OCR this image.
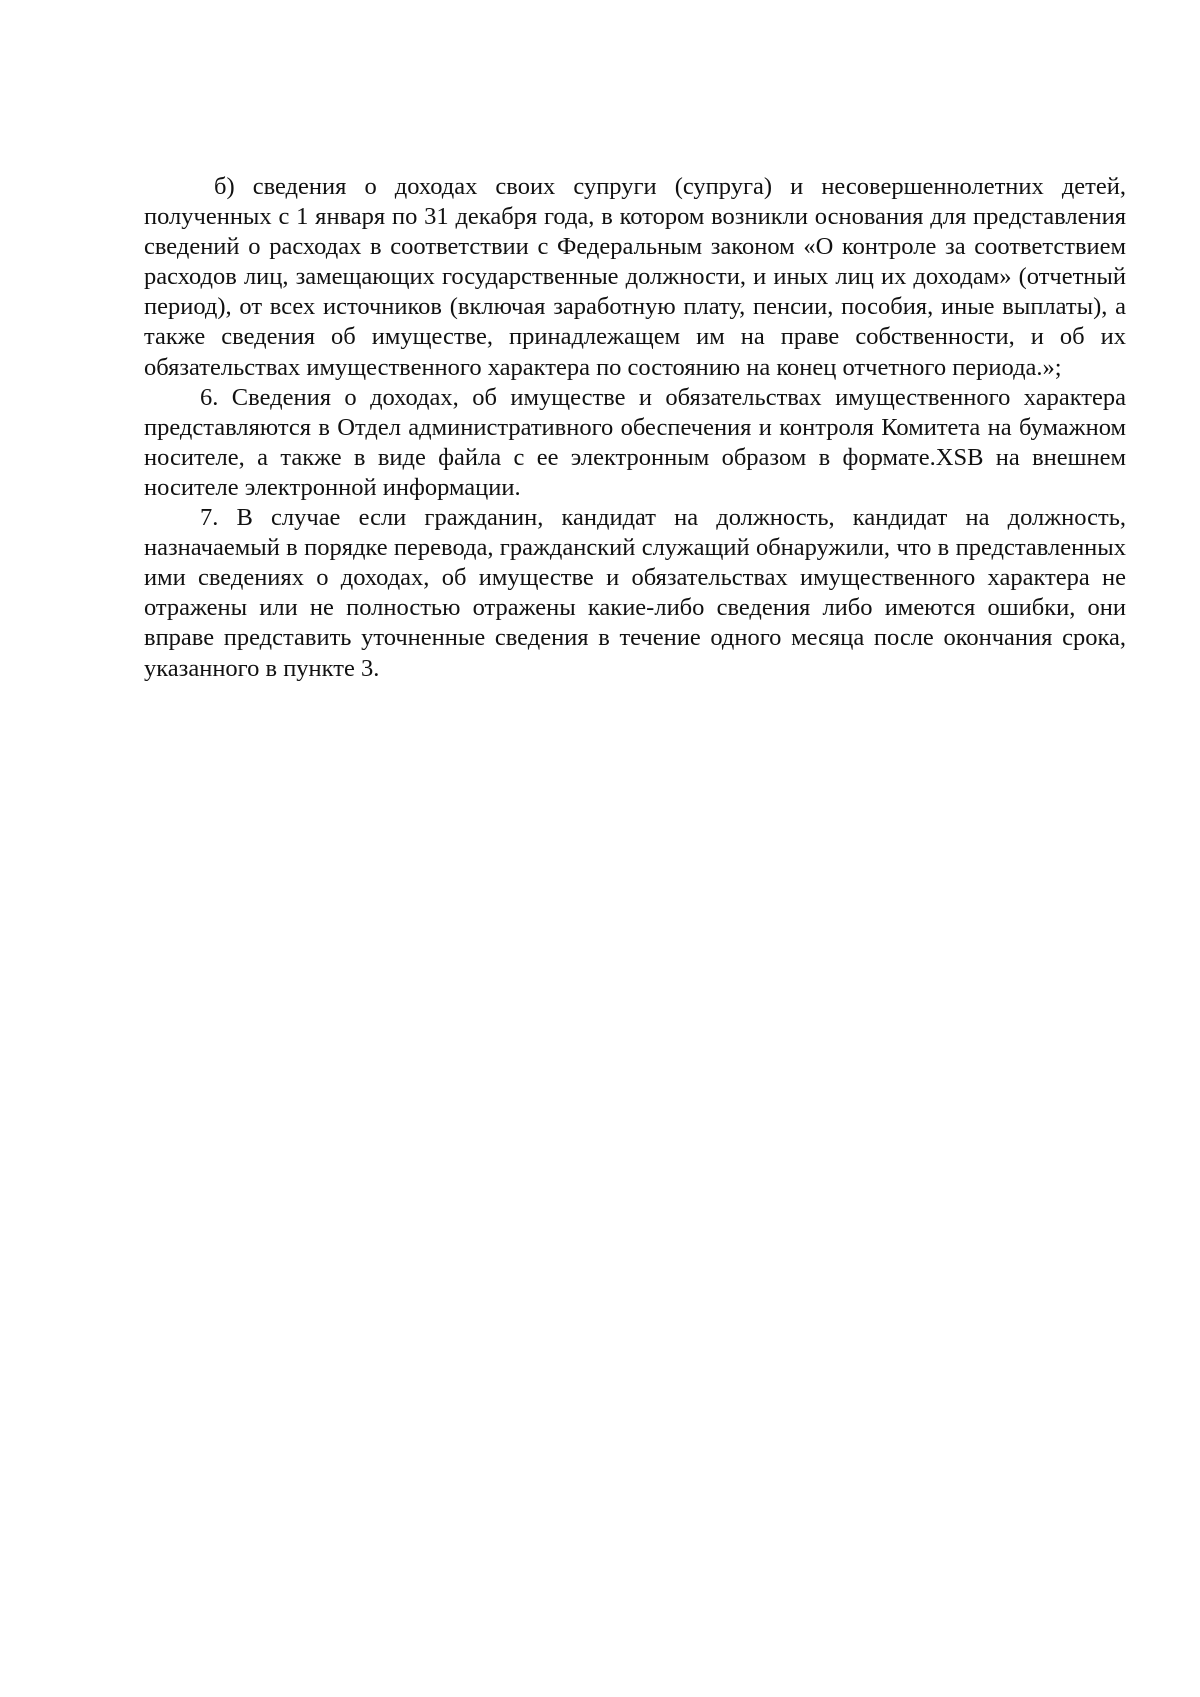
б) сведения о доходах своих супруги (супруга) и несовершеннолетних детей, полученных с 1 января по 31 декабря года, в котором возникли основания для представления сведений о расходах в соответствии с Федеральным законом «О контроле за соответствием расходов лиц, замещающих государственные должности, и иных лиц их доходам» (отчетный период), от всех источников (включая заработную плату, пенсии, пособия, иные выплаты), а также сведения об имуществе, принадлежащем им на праве собственности, и об их обязательствах имущественного характера по состоянию на конец отчетного периода.»;

6. Сведения о доходах, об имуществе и обязательствах имущественного характера представляются в Отдел административного обеспечения и контроля Комитета на бумажном носителе, а также в виде файла с ее электронным образом в формате.XSB на внешнем носителе электронной информации.

7. В случае если гражданин, кандидат на должность, кандидат на должность, назначаемый в порядке перевода, гражданский служащий обнаружили, что в представленных ими сведениях о доходах, об имуществе и обязательствах имущественного характера не отражены или не полностью отражены какие-либо сведения либо имеются ошибки, они вправе представить уточненные сведения в течение одного месяца после окончания срока, указанного в пункте 3.
